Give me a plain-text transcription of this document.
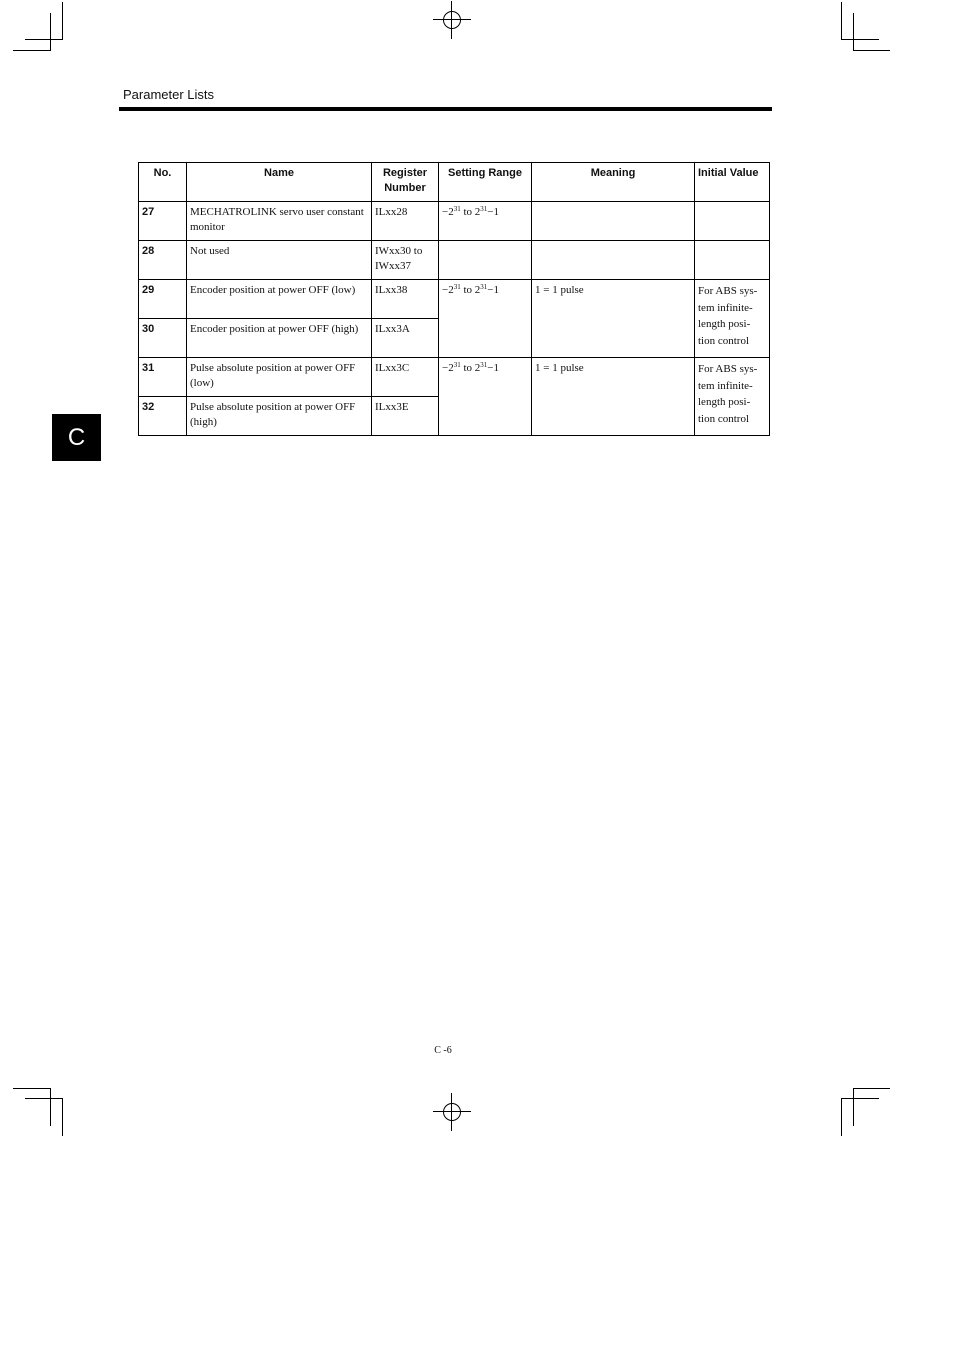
Parameter Lists
C
No.	Name	Register Number	Setting Range	Meaning	Initial Value
27	MECHATROLINK servo user constant monitor	ILxx28	$-2^{31}$ to $2^{31}-1$		
28	Not used	IWxx30 to IWxx37			
29	Encoder position at power OFF (low)	ILxx38	$-2^{31}$ to $2^{31}-1$	1 = 1 pulse	For ABS sys-tem infinite-length posi-tion control
30	Encoder position at power OFF (high)	ILxx3A			
31	Pulse absolute position at power OFF (low)	ILxx3C	$-2^{31}$ to $2^{31}-1$	1 = 1 pulse	For ABS sys-tem infinite-length posi-tion control
32	Pulse absolute position at power OFF (high)	ILxx3E			
C -6
